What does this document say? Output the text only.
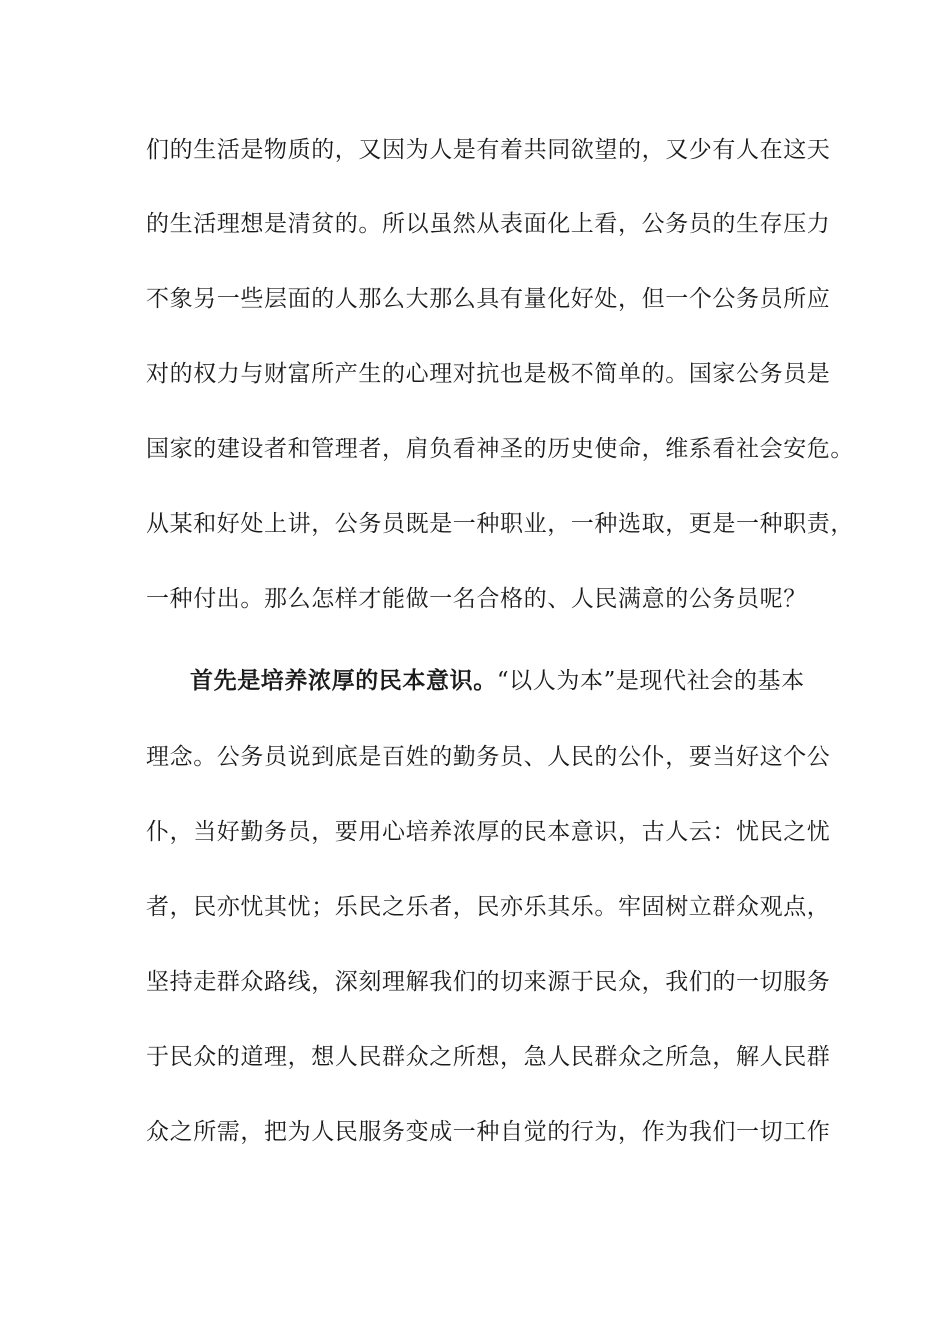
们的生活是物质的，又因为人是有着共同欲望的，又少有人在这天
的生活理想是清贫的。所以虽然从表面化上看，公务员的生存压力
不象另一些层面的人那么大那么具有量化好处，但一个公务员所应
对的权力与财富所产生的心理对抗也是极不简单的。国家公务员是
国家的建设者和管理者，肩负看神圣的历史使命，维系看社会安危。
从某和好处上讲，公务员既是一种职业，一种选取，更是一种职责，
一种付出。那么怎样才能做一名合格的、人民满意的公务员呢？
首先是培养浓厚的民本意识。“以人为本”是现代社会的基本
理念。公务员说到底是百姓的勤务员、人民的公仆，要当好这个公
仆，当好勤务员，要用心培养浓厚的民本意识，古人云：忧民之忧
者，民亦忧其忧；乐民之乐者，民亦乐其乐。牢固树立群众观点，
坚持走群众路线，深刻理解我们的切来源于民众，我们的一切服务
于民众的道理，想人民群众之所想，急人民群众之所急，解人民群
众之所需，把为人民服务变成一种自觉的行为，作为我们一切工作
